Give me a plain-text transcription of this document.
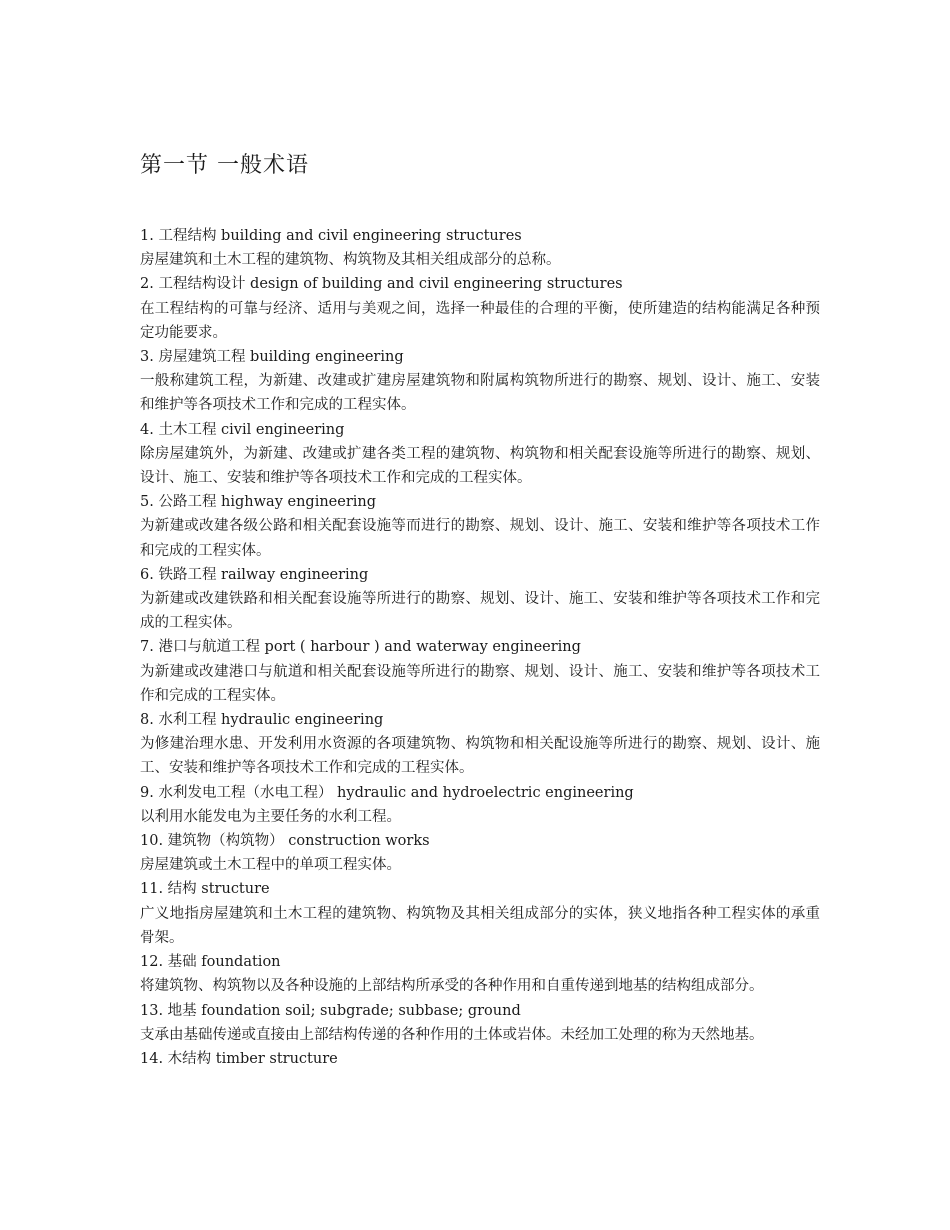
第一节 一般术语

1. 工程结构 building and civil engineering structures

房屋建筑和土木工程的建筑物、构筑物及其相关组成部分的总称。

2. 工程结构设计 design of building and civil engineering structures

在工程结构的可靠与经济、适用与美观之间，选择一种最佳的合理的平衡，使所建造的结构能满足各种预定功能要求。

3. 房屋建筑工程 building engineering

一般称建筑工程，为新建、改建或扩建房屋建筑物和附属构筑物所进行的勘察、规划、设计、施工、安装和维护等各项技术工作和完成的工程实体。

4. 土木工程 civil engineering

除房屋建筑外，为新建、改建或扩建各类工程的建筑物、构筑物和相关配套设施等所进行的勘察、规划、设计、施工、安装和维护等各项技术工作和完成的工程实体。

5. 公路工程 highway engineering

为新建或改建各级公路和相关配套设施等而进行的勘察、规划、设计、施工、安装和维护等各项技术工作和完成的工程实体。

6. 铁路工程 railway engineering

为新建或改建铁路和相关配套设施等所进行的勘察、规划、设计、施工、安装和维护等各项技术工作和完成的工程实体。

7. 港口与航道工程 port ( harbour ) and waterway engineering

为新建或改建港口与航道和相关配套设施等所进行的勘察、规划、设计、施工、安装和维护等各项技术工作和完成的工程实体。

8. 水利工程 hydraulic engineering

为修建治理水患、开发利用水资源的各项建筑物、构筑物和相关配设施等所进行的勘察、规划、设计、施工、安装和维护等各项技术工作和完成的工程实体。

9. 水利发电工程（水电工程） hydraulic and hydroelectric engineering

以利用水能发电为主要任务的水利工程。

10. 建筑物（构筑物） construction works

房屋建筑或土木工程中的单项工程实体。

11. 结构 structure

广义地指房屋建筑和土木工程的建筑物、构筑物及其相关组成部分的实体，狭义地指各种工程实体的承重骨架。

12. 基础 foundation

将建筑物、构筑物以及各种设施的上部结构所承受的各种作用和自重传递到地基的结构组成部分。

13. 地基 foundation soil; subgrade; subbase; ground

支承由基础传递或直接由上部结构传递的各种作用的土体或岩体。未经加工处理的称为天然地基。

14. 木结构 timber structure
